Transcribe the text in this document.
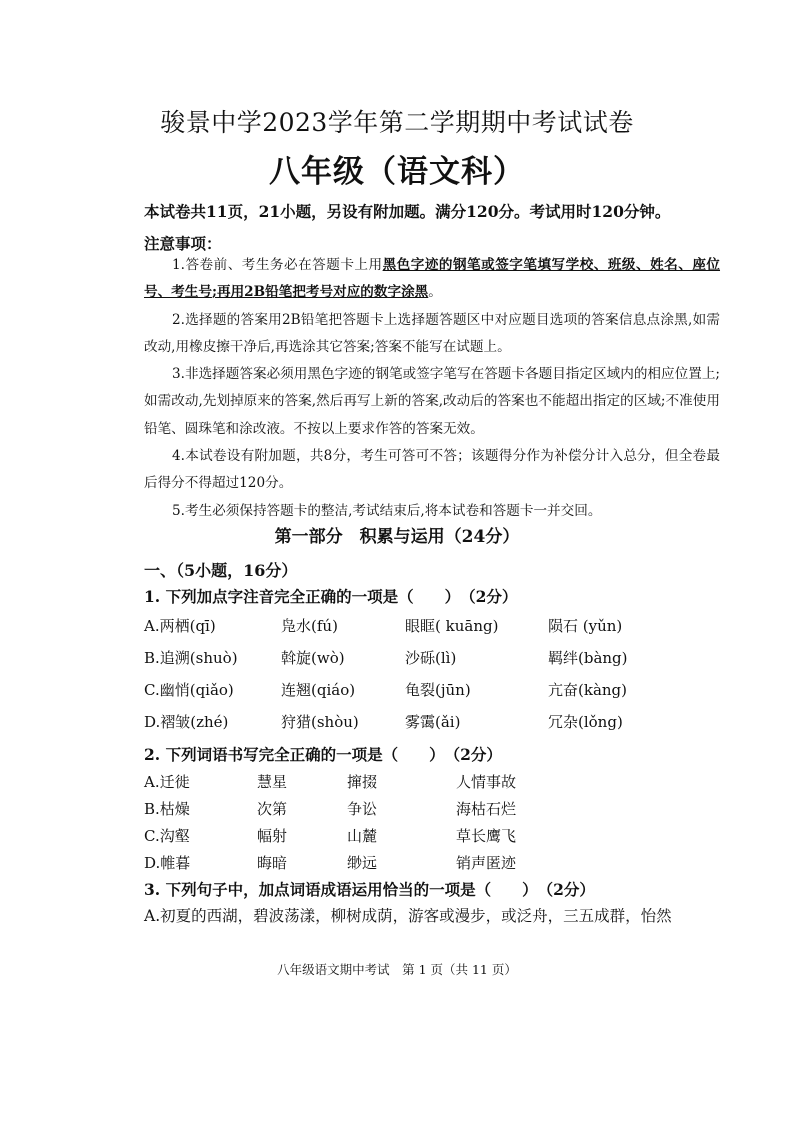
骏景中学2023学年第二学期期中考试试卷
八年级（语文科）
本试卷共11页，21小题，另设有附加题。满分120分。考试用时120分钟。
注意事项：

1.答卷前、考生务必在答题卡上用黑色字迹的钢笔或签字笔填写学校、班级、姓名、座位号、考生号;再用2B铅笔把考号对应的数字涂黑。

2.选择题的答案用2B铅笔把答题卡上选择题答题区中对应题目选项的答案信息点涂黑,如需改动,用橡皮擦干净后,再选涂其它答案;答案不能写在试题上。

3.非选择题答案必须用黑色字迹的钢笔或签字笔写在答题卡各题目指定区域内的相应位置上;如需改动,先划掉原来的答案,然后再写上新的答案,改动后的答案也不能超出指定的区域;不准使用铅笔、圆珠笔和涂改液。不按以上要求作答的答案无效。

4.本试卷设有附加题，共8分，考生可答可不答；该题得分作为补偿分计入总分，但全卷最后得分不得超过120分。

5.考生必须保持答题卡的整洁,考试结束后,将本试卷和答题卡一并交回。

第一部分　积累与运用（24分）
一、（5小题，16分）
1. 下列加点字注音完全正确的一项是（　　）　（2分）
A.两栖(qī)	凫水(fú)	眼眶( kuāng)	陨石 (yǔn)
B.追溯(shuò)	斡旋(wò)	沙砾(lì)	羁绊(bàng)
C.幽悄(qiǎo)	连翘(qiáo)	龟裂(jūn)	亢奋(kàng)
D.褶皱(zhé)	狩猎(shòu)	雾霭(ǎi)	冗杂(lǒng)
2. 下列词语书写完全正确的一项是（　　）　（2分）
A.迁徙	慧星	撺掇	人情事故
B.枯燥	次第	争讼	海枯石烂
C.沟壑	幅射	山麓	草长鹰飞
D.帷暮	晦暗	缈远	销声匿迹
3. 下列句子中，加点词语成语运用恰当的一项是（　　）　（2分）
A.初夏的西湖，碧波荡漾，柳树成荫，游客或漫步，或泛舟，三五成群，怡然
八年级语文期中考试　第 1 页（共 11 页）
